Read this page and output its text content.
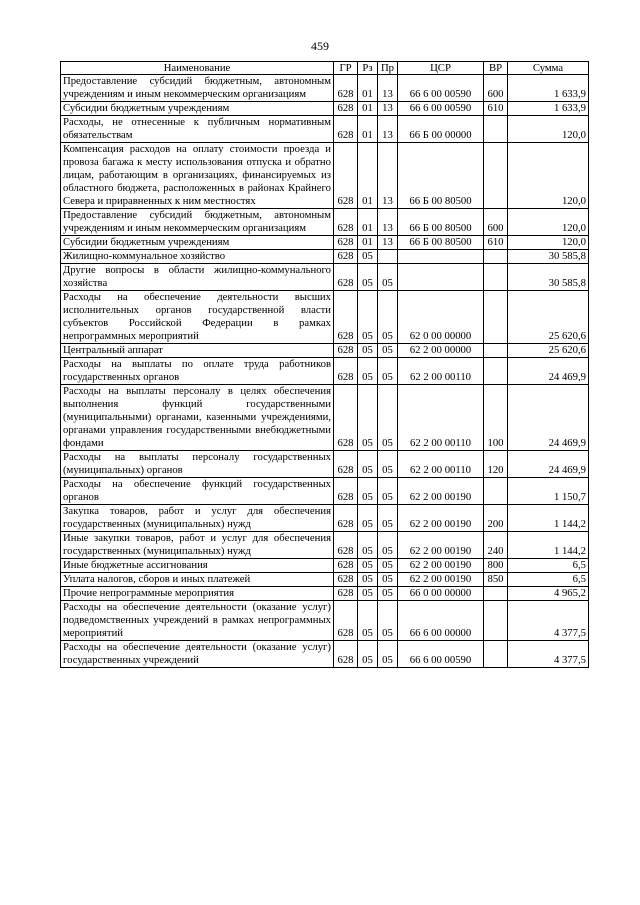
459
Наименование	ГР	Рз	Пр	ЦСР	ВР	Сумма
Предоставление субсидий бюджетным, автономным учреждениям и иным некоммерческим организациям	628	01	13	66 6 00 00590	600	1 633,9
Субсидии бюджетным учреждениям	628	01	13	66 6 00 00590	610	1 633,9
Расходы, не отнесенные к публичным нормативным обязательствам	628	01	13	66 Б 00 00000		120,0
Компенсация расходов на оплату стоимости проезда и провоза багажа к месту использования отпуска и обратно лицам, работающим в организациях, финансируемых из областного бюджета, расположенных в районах Крайнего Севера и приравненных к ним местностях	628	01	13	66 Б 00 80500		120,0
Предоставление субсидий бюджетным, автономным учреждениям и иным некоммерческим организациям	628	01	13	66 Б 00 80500	600	120,0
Субсидии бюджетным учреждениям	628	01	13	66 Б 00 80500	610	120,0
Жилищно-коммунальное хозяйство	628	05				30 585,8
Другие вопросы в области жилищно-коммунального хозяйства	628	05	05			30 585,8
Расходы на обеспечение деятельности высших исполнительных органов государственной власти субъектов Российской Федерации в рамках непрограммных мероприятий	628	05	05	62 0 00 00000		25 620,6
Центральный аппарат	628	05	05	62 2 00 00000		25 620,6
Расходы на выплаты по оплате труда работников государственных органов	628	05	05	62 2 00 00110		24 469,9
Расходы на выплаты персоналу в целях обеспечения выполнения функций государственными (муниципальными) органами, казенными учреждениями, органами управления государственными внебюджетными фондами	628	05	05	62 2 00 00110	100	24 469,9
Расходы на выплаты персоналу государственных (муниципальных) органов	628	05	05	62 2 00 00110	120	24 469,9
Расходы на обеспечение функций государственных органов	628	05	05	62 2 00 00190		1 150,7
Закупка товаров, работ и услуг для обеспечения государственных (муниципальных) нужд	628	05	05	62 2 00 00190	200	1 144,2
Иные закупки товаров, работ и услуг для обеспечения государственных (муниципальных) нужд	628	05	05	62 2 00 00190	240	1 144,2
Иные бюджетные ассигнования	628	05	05	62 2 00 00190	800	6,5
Уплата налогов, сборов и иных платежей	628	05	05	62 2 00 00190	850	6,5
Прочие непрограммные мероприятия	628	05	05	66 0 00 00000		4 965,2
Расходы на обеспечение деятельности (оказание услуг) подведомственных учреждений в рамках непрограммных мероприятий	628	05	05	66 6 00 00000		4 377,5
Расходы на обеспечение деятельности (оказание услуг) государственных учреждений	628	05	05	66 6 00 00590		4 377,5
